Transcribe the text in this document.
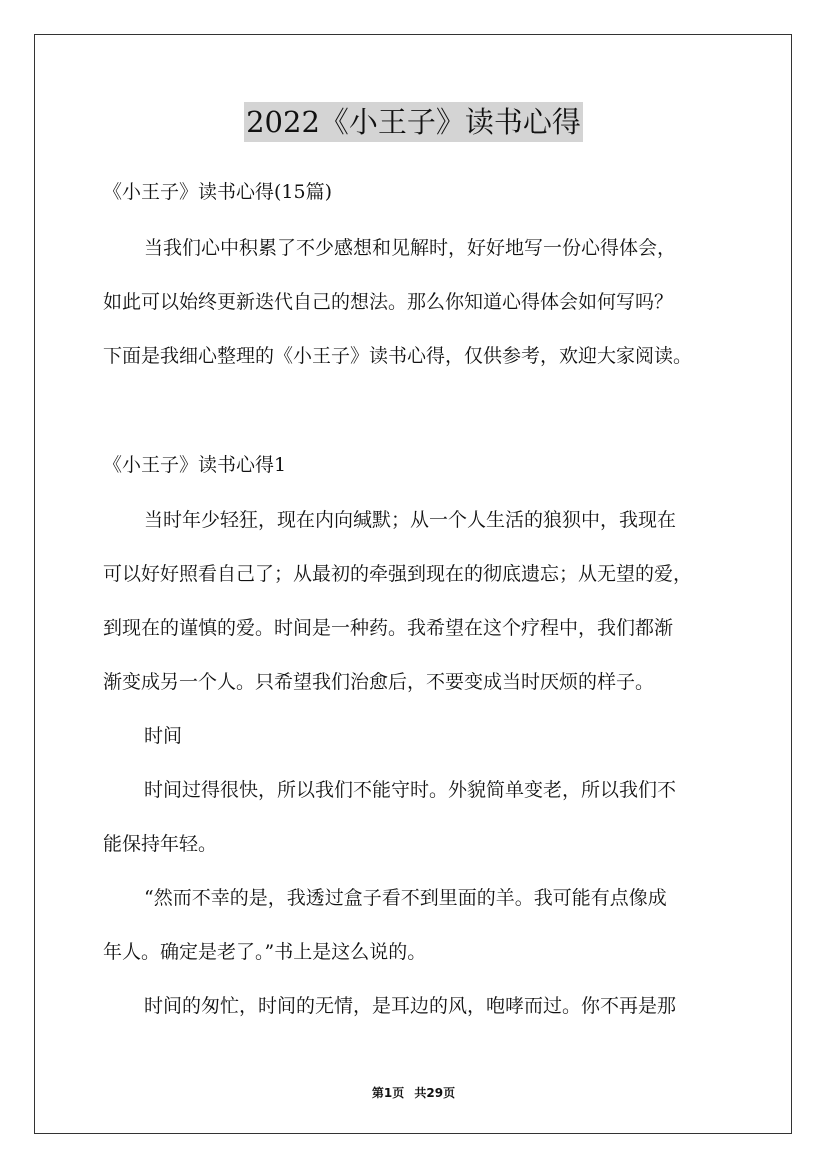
2022《小王子》读书心得
《小王子》读书心得(15篇)
当我们心中积累了不少感想和见解时，好好地写一份心得体会，
如此可以始终更新迭代自己的想法。那么你知道心得体会如何写吗？
下面是我细心整理的《小王子》读书心得，仅供参考，欢迎大家阅读。
《小王子》读书心得1
当时年少轻狂，现在内向缄默；从一个人生活的狼狈中，我现在
可以好好照看自己了；从最初的牵强到现在的彻底遗忘；从无望的爱，
到现在的谨慎的爱。时间是一种药。我希望在这个疗程中，我们都渐
渐变成另一个人。只希望我们治愈后，不要变成当时厌烦的样子。
时间
时间过得很快，所以我们不能守时。外貌简单变老，所以我们不
能保持年轻。
“然而不幸的是，我透过盒子看不到里面的羊。我可能有点像成
年人。确定是老了。”书上是这么说的。
时间的匆忙，时间的无情，是耳边的风，咆哮而过。你不再是那
第1页 共29页
